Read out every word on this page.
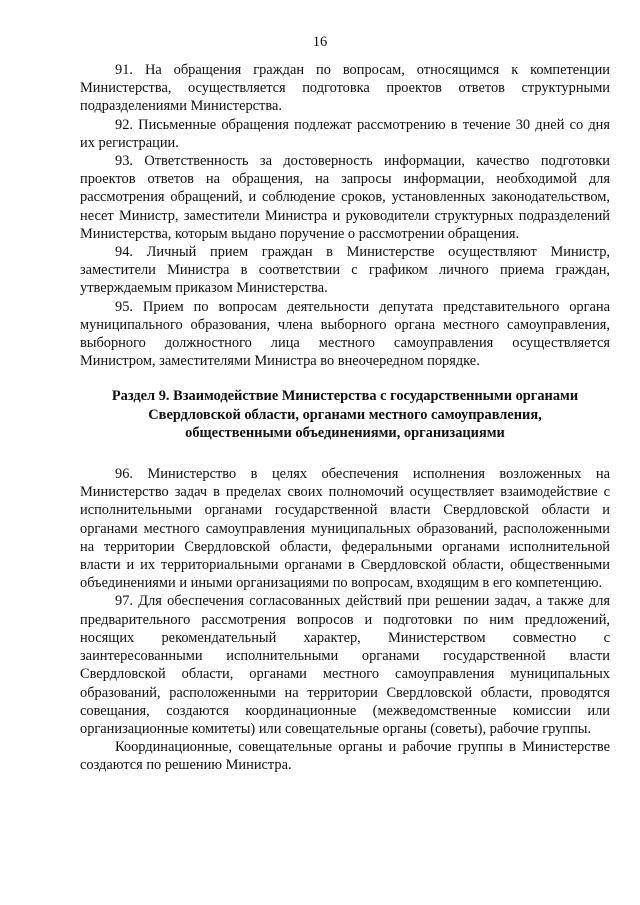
16

91. На обращения граждан по вопросам, относящимся к компетенции Министерства, осуществляется подготовка проектов ответов структурными подразделениями Министерства.

92. Письменные обращения подлежат рассмотрению в течение 30 дней со дня их регистрации.

93. Ответственность за достоверность информации, качество подготовки проектов ответов на обращения, на запросы информации, необходимой для рассмотрения обращений, и соблюдение сроков, установленных законодательством, несет Министр, заместители Министра и руководители структурных подразделений Министерства, которым выдано поручение о рассмотрении обращения.

94. Личный прием граждан в Министерстве осуществляют Министр, заместители Министра в соответствии с графиком личного приема граждан, утверждаемым приказом Министерства.

95. Прием по вопросам деятельности депутата представительного органа муниципального образования, члена выборного органа местного самоуправления, выборного должностного лица местного самоуправления осуществляется Министром, заместителями Министра во внеочередном порядке.

Раздел 9. Взаимодействие Министерства с государственными органами Свердловской области, органами местного самоуправления, общественными объединениями, организациями

96. Министерство в целях обеспечения исполнения возложенных на Министерство задач в пределах своих полномочий осуществляет взаимодействие с исполнительными органами государственной власти Свердловской области и органами местного самоуправления муниципальных образований, расположенными на территории Свердловской области, федеральными органами исполнительной власти и их территориальными органами в Свердловской области, общественными объединениями и иными организациями по вопросам, входящим в его компетенцию.

97. Для обеспечения согласованных действий при решении задач, а также для предварительного рассмотрения вопросов и подготовки по ним предложений, носящих рекомендательный характер, Министерством совместно с заинтересованными исполнительными органами государственной власти Свердловской области, органами местного самоуправления муниципальных образований, расположенными на территории Свердловской области, проводятся совещания, создаются координационные (межведомственные комиссии или организационные комитеты) или совещательные органы (советы), рабочие группы.

Координационные, совещательные органы и рабочие группы в Министерстве создаются по решению Министра.
